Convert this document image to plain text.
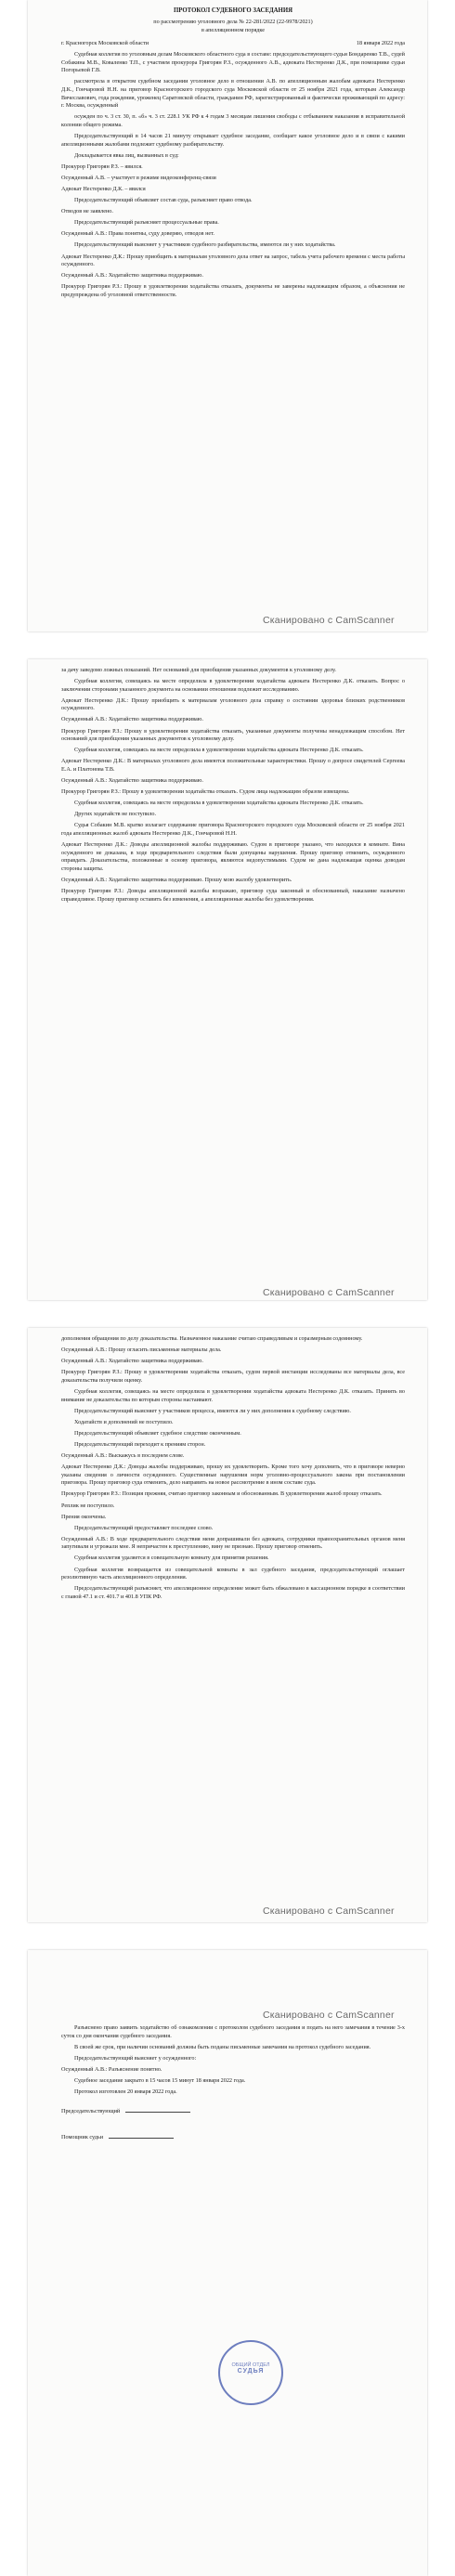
ПРОТОКОЛ СУДЕБНОГО ЗАСЕДАНИЯ
по рассмотрению уголовного дела № 22-281/2022 (22-9978/2021)
в апелляционном порядке
г. Красногорск Московской области	18 января 2022 года

Судебная коллегия по уголовным делам Московского областного суда в составе: председательствующего судьи Бондаренко Т.В., судей Собакина М.В., Коваленко Т.П., с участием прокурора Григорян Р.З., осужденного А.В., адвоката Нестеренко Д.К., при помощнике судьи Погорьевой Г.В.

рассмотрела в открытом судебном заседании уголовное дело в отношении А.В. по апелляционным жалобам адвоката Нестеренко Д.К., Гончаровой Н.Н. на приговор Красногорского городского суда Московской области от 25 ноября 2021 года, которым Александр Вячеславович, года рождения, уроженец Саратовской области, гражданин РФ, зарегистрированный и фактически проживающий по адресу: г. Москва, осужденный

осужден по ч. 3 ст. 30, п. «б» ч. 3 ст. 228.1 УК РФ к 4 годам 3 месяцам лишения свободы с отбыванием наказания в исправительной колонии общего режима.

Председательствующий в 14 часов 21 минуту открывает судебное заседание, сообщает какое уголовное дело и в связи с какими апелляционными жалобами подлежит судебному разбирательству.

Докладывается явка лиц, вызванных в суд:

Прокурор Григорян Р.З. – явился.

Осужденный А.В. – участвует в режиме видеоконференц-связи

Адвокат Нестеренко Д.К. – явился

Председательствующий объявляет состав суда, разъясняет право отвода.

Отводов не заявлено.

Председательствующий разъясняет процессуальные права.

Осужденный А.В.: Права понятны, суду доверяю, отводов нет.

Председательствующий выясняет у участников судебного разбирательства, имеются ли у них ходатайства.

Адвокат Нестеренко Д.К.: Прошу приобщить к материалам уголовного дела ответ на запрос, табель учета рабочего времени с места работы осужденного.

Осужденный А.В.: Ходатайство защитника поддерживаю.

Прокурор Григорян Р.З.: Прошу в удовлетворении ходатайства отказать, документы не заверены надлежащим образом, а объяснения не предупреждена об уголовной ответственности.

Сканировано с CamScanner

за дачу заведомо ложных показаний. Нет оснований для приобщения указанных документов к уголовному делу.

Судебная коллегия, совещаясь на месте определила в удовлетворении ходатайства адвоката Нестеренко Д.К. отказать. Вопрос о заключении сторонами указанного документа на основании отношения подлежит исследованию.

Адвокат Нестеренко Д.К.: Прошу приобщить к материалам уголовного дела справку о состоянии здоровья близких родственников осужденного.

Осужденный А.В.: Ходатайство защитника поддерживаю.

Прокурор Григорян Р.З.: Прошу в удовлетворении ходатайства отказать, указанные документы получены ненадлежащим способом. Нет оснований для приобщения указанных документов к уголовному делу.

Судебная коллегия, совещаясь на месте определила в удовлетворении ходатайства адвоката Нестеренко Д.К. отказать.

Адвокат Нестеренко Д.К.: В материалах уголовного дела имеются положительные характеристики. Прошу о допросе свидетелей Сергеева Е.А. и Платонова Т.В.

Осужденный А.В.: Ходатайство защитника поддерживаю.

Прокурор Григорян Р.З.: Прошу в удовлетворении ходатайства отказать. Судом лица надлежащим образом извещены.

Судебная коллегия, совещаясь на месте определила в удовлетворении ходатайства адвоката Нестеренко Д.К. отказать.

Других ходатайств не поступило.

Судья Собакин М.В. кратко излагает содержание приговора Красногорского городского суда Московской области от 25 ноября 2021 года апелляционных жалоб адвоката Нестеренко Д.К., Гончаровой Н.Н.

Адвокат Нестеренко Д.К.: Доводы апелляционной жалобы поддерживаю. Судом в приговоре указано, что находился в комнате. Вина осужденного не доказана, в ходе предварительного следствия были допущены нарушения. Прошу приговор отменить, осужденного оправдать. Доказательства, положенные в основу приговора, являются недопустимыми. Судом не дана надлежащая оценка доводам стороны защиты.

Осужденный А.В.: Ходатайство защитника поддерживаю. Прошу мою жалобу удовлетворить.

Прокурор Григорян Р.З.: Доводы апелляционной жалобы возражаю, приговор суда законный и обоснованный, наказание назначено справедливое. Прошу приговор оставить без изменения, а апелляционные жалобы без удовлетворения.

Сканировано с CamScanner

дополнения обращения по делу доказательства. Назначенное наказание считаю справедливым и соразмерным содеянному.

Осужденный А.В.: Прошу огласить письменные материалы дела.

Осужденный А.В.: Ходатайство защитника поддерживаю.

Прокурор Григорян Р.З.: Прошу в удовлетворении ходатайства отказать, судом первой инстанции исследованы все материалы дела, все доказательства получили оценку.

Судебная коллегия, совещаясь на месте определила в удовлетворении ходатайства адвоката Нестеренко Д.К. отказать. Принять во внимание не доказательства по которым стороны настаивают.

Председательствующий выясняет у участников процесса, имеются ли у них дополнения к судебному следствию.

Ходатайств и дополнений не поступило.

Председательствующий объявляет судебное следствие оконченным.

Председательствующий переходит к прениям сторон.

Осужденный А.В.: Выскажусь в последнем слове.

Адвокат Нестеренко Д.К.: Доводы жалобы поддерживаю, прошу их удовлетворить. Кроме того хочу дополнить, что в приговоре неверно указаны сведения о личности осужденного. Существенные нарушения норм уголовно-процессуального закона при постановлении приговора. Прошу приговор суда отменить, дело направить на новое рассмотрение в ином составе суда.

Прокурор Григорян Р.З.: Позиция прежняя, считаю приговор законным и обоснованным. В удовлетворении жалоб прошу отказать.

Реплик не поступило.

Прения окончены.

Председательствующий предоставляет последнее слово.

Осужденный А.В.: В ходе предварительного следствия меня допрашивали без адвоката, сотрудники правоохранительных органов меня запугивали и угрожали мне. Я непричастен к преступлению, вину не признаю. Прошу приговор отменить.

Судебная коллегия удаляется в совещательную комнату для принятия решения.

Судебная коллегия возвращается из совещательной комнаты в зал судебного заседания, председательствующий оглашает резолютивную часть апелляционного определения.

Председательствующий разъясняет, что апелляционное определение может быть обжаловано в кассационном порядке в соответствии с главой 47.1 и ст. 401.7 и 401.8 УПК РФ.

Сканировано с CamScanner

Разъяснено право заявить ходатайство об ознакомлении с протоколом судебного заседания и подать на него замечания в течение 3-х суток со дня окончания судебного заседания.

В своей же срок, при наличии оснований должны быть поданы письменные замечания на протокол судебного заседания.

Председательствующий выясняет у осужденного:

Осужденный А.В.: Разъяснение понятно.

Судебное заседание закрыто в 15 часов 15 минут 18 января 2022 года.

Протокол изготовлен 20 января 2022 года.

Председательствующий

Помощник судьи

ОБЩИЙ ОТДЕЛ
СУДЬЯ
Сканировано с CamScanner
